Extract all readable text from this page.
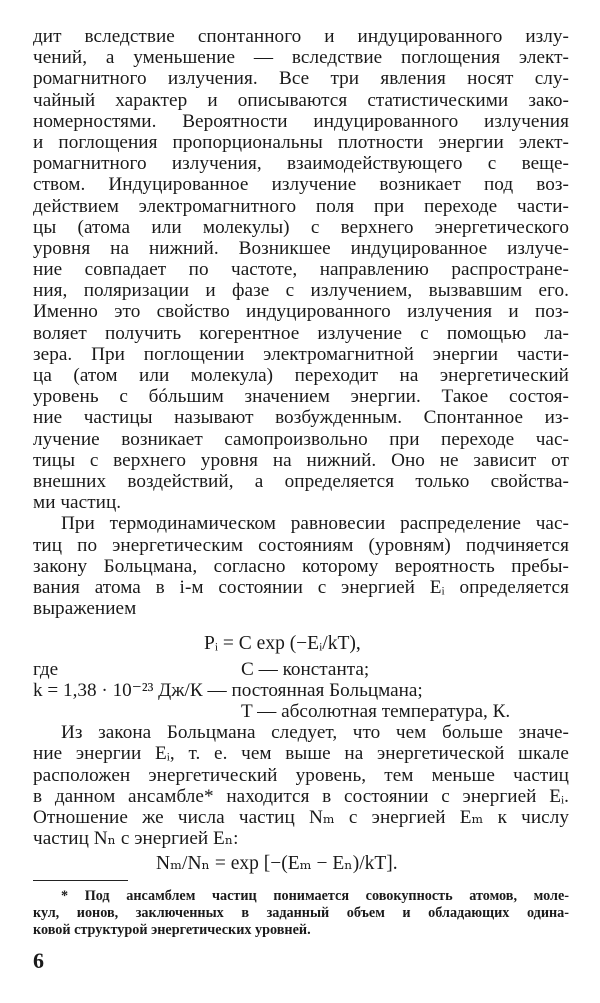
дит вследствие спонтанного и индуцированного излу-
чений, а уменьшение — вследствие поглощения элект-
ромагнитного излучения. Все три явления носят слу-
чайный характер и описываются статистическими зако-
номерностями. Вероятности индуцированного излучения
и поглощения пропорциональны плотности энергии элект-
ромагнитного излучения, взаимодействующего с веще-
ством. Индуцированное излучение возникает под воз-
действием электромагнитного поля при переходе части-
цы (атома или молекулы) с верхнего энергетического
уровня на нижний. Возникшее индуцированное излуче-
ние совпадает по частоте, направлению распростране-
ния, поляризации и фазе с излучением, вызвавшим его.
Именно это свойство индуцированного излучения и поз-
воляет получить когерентное излучение с помощью ла-
зера. При поглощении электромагнитной энергии части-
ца (атом или молекула) переходит на энергетический
уровень с бóльшим значением энергии. Такое состоя-
ние частицы называют возбужденным. Спонтанное из-
лучение возникает самопроизвольно при переходе час-
тицы с верхнего уровня на нижний. Оно не зависит от
внешних воздействий, а определяется только свойства-
ми частиц.
При термодинамическом равновесии распределение час-
тиц по энергетическим состояниям (уровням) подчиняется
закону Больцмана, согласно которому вероятность пребы-
вания атома в i-м состоянии с энергией Eᵢ определяется
выражением
Pᵢ = C exp (−Eᵢ/kT),
где	C — константа;
k = 1,38 · 10⁻²³ Дж/К — постоянная Больцмана;
T — абсолютная температура, К.
Из закона Больцмана следует, что чем больше значе-
ние энергии Eᵢ, т. е. чем выше на энергетической шкале
расположен энергетический уровень, тем меньше частиц
в данном ансамбле* находится в состоянии с энергией Eᵢ.
Отношение же числа частиц Nₘ с энергией Eₘ к числу
частиц Nₙ с энергией Eₙ:
Nₘ/Nₙ = exp [−(Eₘ − Eₙ)/kT].
* Под ансамблем частиц понимается совокупность атомов, моле-
кул, ионов, заключенных в заданный объем и обладающих одина-
ковой структурой энергетических уровней.
6
